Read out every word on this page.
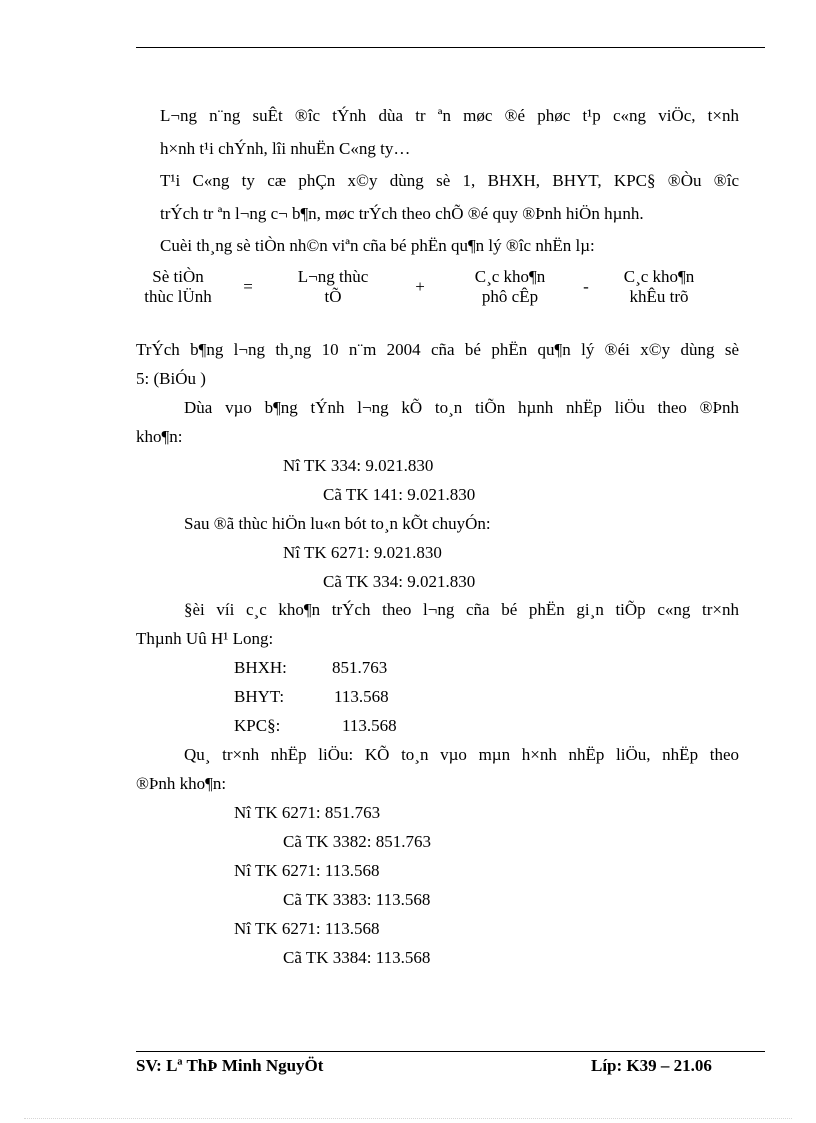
L¬ng n¨ng suÊt ®îc tÝnh dùa tr ªn møc ®é phøc t¹p c«ng viÖc, t×nh
h×nh t¹i chÝnh, lîi nhuËn C«ng ty…
T¹i C«ng ty cæ phÇn x©y dùng sè 1, BHXH, BHYT, KPC§ ®Òu ®îc
trÝch tr ªn l¬ng c¬ b¶n, møc trÝch theo chÕ ®é quy ®Þnh hiÖn hµnh.
Cuèi th¸ng sè tiÒn nh©n viªn cña bé phËn qu¶n lý ®îc nhËn lµ:
Sè tiÒn
thùc lÜnh
=
L¬ng thùc
tÕ
+
C¸c kho¶n
phô cÊp
-
C¸c kho¶n
khÊu trõ
TrÝch b¶ng l¬ng th¸ng 10 n¨m 2004 cña bé phËn qu¶n lý ®éi x©y dùng sè
5: (BiÓu )
Dùa vµo b¶ng tÝnh l¬ng kÕ to¸n tiÕn hµnh nhËp liÖu theo ®Þnh
kho¶n:
Nî TK 334: 9.021.830
Cã TK 141: 9.021.830
Sau ®ã thùc hiÖn lu«n bót to¸n kÕt chuyÓn:
Nî TK 6271: 9.021.830
Cã TK 334: 9.021.830
§èi víi c¸c kho¶n trÝch theo l¬ng cña bé phËn gi¸n tiÕp c«ng tr×nh
Thµnh Uû H¹ Long:
BHXH:	851.763
BHYT:	113.568
KPC§:	113.568
Qu¸ tr×nh nhËp liÖu: KÕ to¸n vµo mµn h×nh nhËp liÖu, nhËp theo
®Þnh kho¶n:
Nî TK 6271: 851.763
Cã TK 3382: 851.763
Nî TK 6271: 113.568
Cã TK 3383: 113.568
Nî TK 6271: 113.568
Cã TK 3384: 113.568
SV: Lª ThÞ Minh NguyÖt	Líp: K39 – 21.06
